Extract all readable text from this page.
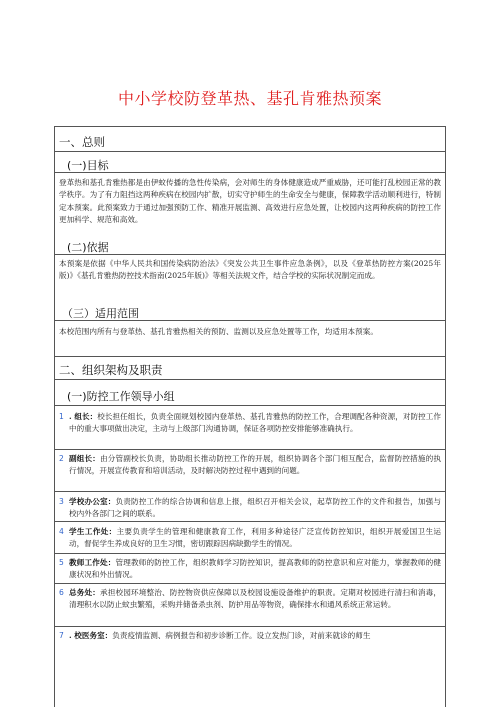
中小学校防登革热、基孔肯雅热预案
一、总则
(一)目标
登革热和基孔肯雅热都是由伊蚊传播的急性传染病，会对师生的身体健康造成严重威胁，还可能打乱校园正常的教学秩序。为了有力阻挡这两种疾病在校园内扩散，切实守护师生的生命安全与健康，保障教学活动顺利进行，特制定本预案。此预案致力于通过加强预防工作、精准开展监测、高效进行应急处置，让校园内这两种疾病的防控工作更加科学、规范和高效。
(二)依据
本预案是依据《中华人民共和国传染病防治法》《突发公共卫生事件应急条例》，以及《登革热防控方案(2025年版)》《基孔肯雅热防控技术指南(2025年版)》等相关法规文件，结合学校的实际状况制定而成。
（三）适用范围
本校范围内所有与登革热、基孔肯雅热相关的预防、监测以及应急处置等工作，均适用本预案。
二、组织架构及职责
(一)防控工作领导小组
1 . 组长：校长担任组长，负责全面规划校园内登革热、基孔肯雅热的防控工作，合理调配各种资源，对防控工作中的重大事项做出决定，主动与上级部门沟通协调，保证各项防控安排能够准确执行。
2 副组长：由分管副校长负责，协助组长推动防控工作的开展，组织协调各个部门相互配合，监督防控措施的执行情况，开展宣传教育和培训活动，及时解决防控过程中遇到的问题。
3 学校办公室：负责防控工作的综合协调和信息上报，组织召开相关会议，起草防控工作的文件和报告，加强与校内外各部门之间的联系。
4 学生工作处：主要负责学生的管理和健康教育工作，利用多种途径广泛宣传防控知识，组织开展爱国卫生运动，督促学生养成良好的卫生习惯，密切跟踪因病缺勤学生的情况。
5 教师工作处：管理教师的防控工作，组织教师学习防控知识，提高教师的防控意识和应对能力，掌握教师的健康状况和外出情况。
6 总务处：承担校园环境整治、防控物资供应保障以及校园设施设备维护的职责。定期对校园进行清扫和消毒，清理积水以防止蚊虫繁殖，采购并储备杀虫剂、防护用品等物资，确保排水和通风系统正常运转。
7 . 校医务室：负责疫情监测、病例报告和初步诊断工作。设立发热门诊，对前来就诊的师生
